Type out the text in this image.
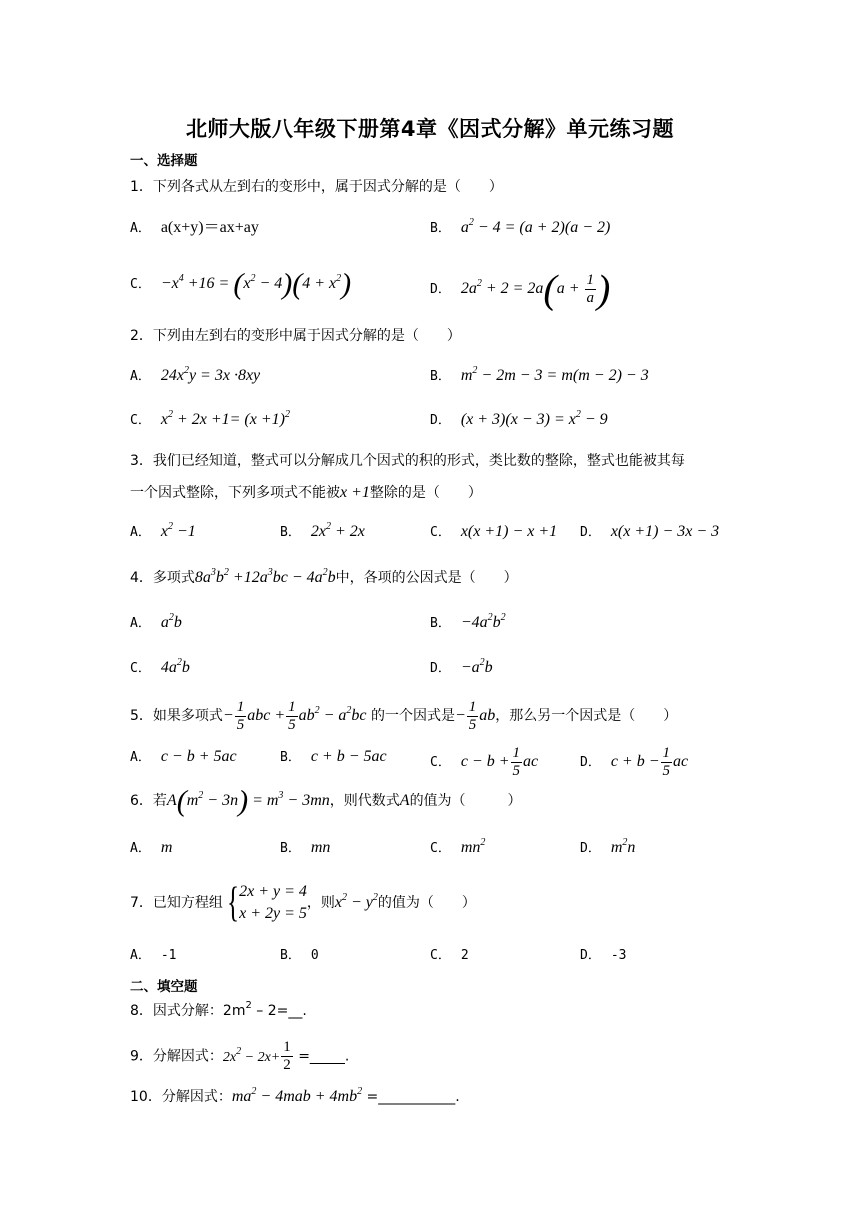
北师大版八年级下册第4章《因式分解》单元练习题
一、选择题
1．下列各式从左到右的变形中，属于因式分解的是（　　）
A． a(x+y)＝ax+ay	B． $a^2 - 4 = (a + 2)(a - 2)$
C． $-x^4 +16 = (x^2 - 4)(4 + x^2)$	D． $2a^2 + 2 = 2a(a + \frac{1}{a}$ )
2．下列由左到右的变形中属于因式分解的是（　　）
A． $24x^2y = 3x \cdot 8xy$	B． $m^2 - 2m - 3 = m(m - 2) - 3$
C． $x^2 + 2x +1= (x +1)^2$	D． $(x + 3)(x - 3) = x^2 - 9$
3．我们已经知道，整式可以分解成几个因式的积的形式，类比数的整除，整式也能被其每
一个因式整除，下列多项式不能被x +1整除的是（　　）
A． $x^2 -1$	B． $2x^2 + 2x$	C． x(x +1) − x +1 D． x(x +1) − 3x − 3
4．多项式$8a^3b^2 +12a^3bc - 4a^2b$中，各项的公因式是（　　）
A． $a^2b$	B． $-4a^2b^2$
C． $4a^2b$	D． $-a^2b$
5．如果多项式− $\frac{1}{5}$ abc + $\frac{1}{5} ab^2 - a^2bc$ 的一个因式是− $\frac{1}{5}$ ab，那么另一个因式是（　　）
A． c − b + 5ac	B． c + b − 5ac	C． $c - b + \frac{1}{5}$ ac	D． $c + b - \frac{1}{5}$ ac
6．若$A(m^2 - 3n) = m^3 - 3mn$，则代数式A的值为（　　　）
A． m	B． mn	C． $mn^2$	D． $m^2n$
7．已知方程组{ 2x + y = 4
x + 2y = 5
，则$x^2 - y^2$的值为（　　）
A． -1	B． 0	C． 2	D． -3
二、填空题
8．因式分解：$2m^2$ – 2=__.
9．分解因式：$2x^2 - 2x+ \frac{1}{2}$ =_____.
10．分解因式：$ma^2 - 4mab + 4mb^2$ =___________.
